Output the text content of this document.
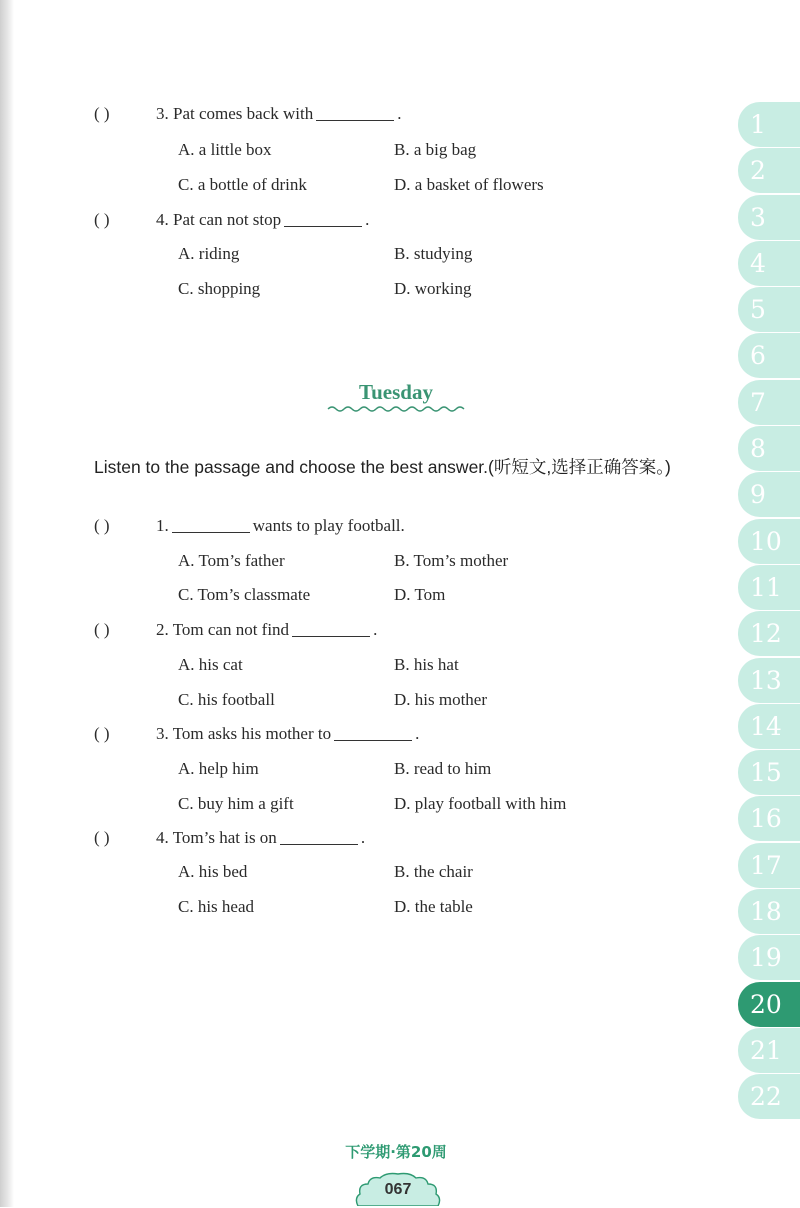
( )	3. Pat comes back with	.
A. a little box	B. a big bag
C. a bottle of drink	D. a basket of flowers
( )	4. Pat can not stop	.
A. riding	B. studying
C. shopping	D. working
Tuesday
Listen to the passage and choose the best answer.(听短文,选择正确答案。)
( )	1.	wants to play football.
A. Tom’s father	B. Tom’s mother
C. Tom’s classmate	D. Tom
( )	2. Tom can not find	.
A. his cat	B. his hat
C. his football	D. his mother
( )	3. Tom asks his mother to	.
A. help him	B. read to him
C. buy him a gift	D. play football with him
( )	4. Tom’s hat is on	.
A. his bed	B. the chair
C. his head	D. the table
1
2
3
4
5
6
7
8
9
10
11
12
13
14
15
16
17
18
19
20
21
22
下学期·第20周
067
